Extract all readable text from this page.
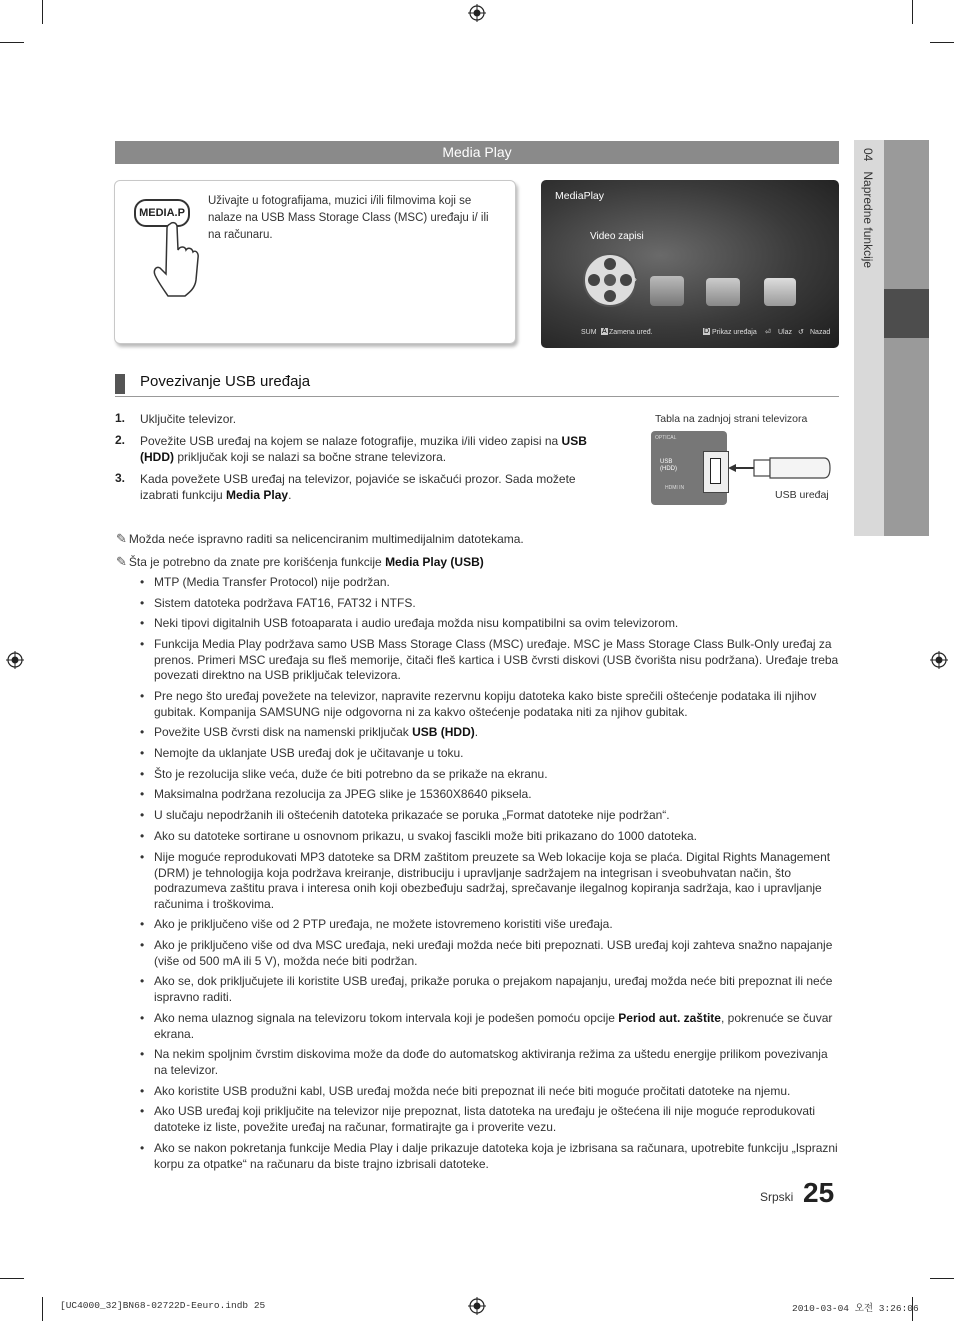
04   Napredne funkcije
Media Play
MEDIA.P
Uživajte u fotografijama, muzici i/ili filmovima koji se nalaze na USB Mass Storage Class (MSC) uređaju i/ ili na računaru.
MediaPlay
Video zapisi
›
SUM A Zamena uređ.	D Prikaz uređaja ⏎ Ulaz ↺ Nazad
Povezivanje USB uređaja
1. Uključite televizor.
2. Povežite USB uređaj na kojem se nalaze fotografije, muzika i/ili video zapisi na USB (HDD) priključak koji se nalazi sa bočne strane televizora.
3. Kada povežete USB uređaj na televizor, pojaviće se iskačući prozor. Sada možete izabrati funkciju Media Play.
Tabla na zadnjoj strani televizora
OPTICAL
USB (HDD)
HDMI IN
USB uređaj
✎ Možda neće ispravno raditi sa nelicenciranim multimedijalnim datotekama.
✎ Šta je potrebno da znate pre korišćenja funkcije Media Play (USB)
• MTP (Media Transfer Protocol) nije podržan.
• Sistem datoteka podržava FAT16, FAT32 i NTFS.
• Neki tipovi digitalnih USB fotoaparata i audio uređaja možda nisu kompatibilni sa ovim televizorom.
• Funkcija Media Play podržava samo USB Mass Storage Class (MSC) uređaje. MSC je Mass Storage Class Bulk-Only uređaj za prenos. Primeri MSC uređaja su fleš memorije, čitači fleš kartica i USB čvrsti diskovi (USB čvorišta nisu podržana). Uređaje treba povezati direktno na USB priključak televizora.
• Pre nego što uređaj povežete na televizor, napravite rezervnu kopiju datoteka kako biste sprečili oštećenje podataka ili njihov gubitak. Kompanija SAMSUNG nije odgovorna ni za kakvo oštećenje podataka niti za njihov gubitak.
• Povežite USB čvrsti disk na namenski priključak USB (HDD).
• Nemojte da uklanjate USB uređaj dok je učitavanje u toku.
• Što je rezolucija slike veća, duže će biti potrebno da se prikaže na ekranu.
• Maksimalna podržana rezolucija za JPEG slike je 15360X8640 piksela.
• U slučaju nepodržanih ili oštećenih datoteka prikazaće se poruka „Format datoteke nije podržan“.
• Ako su datoteke sortirane u osnovnom prikazu, u svakoj fascikli može biti prikazano do 1000 datoteka.
• Nije moguće reprodukovati MP3 datoteke sa DRM zaštitom preuzete sa Web lokacije koja se plaća. Digital Rights Management (DRM) je tehnologija koja podržava kreiranje, distribuciju i upravljanje sadržajem na integrisan i sveobuhvatan način, što podrazumeva zaštitu prava i interesa onih koji obezbeđuju sadržaj, sprečavanje ilegalnog kopiranja sadržaja, kao i upravljanje računima i troškovima.
• Ako je priključeno više od 2 PTP uređaja, ne možete istovremeno koristiti više uređaja.
• Ako je priključeno više od dva MSC uređaja, neki uređaji možda neće biti prepoznati. USB uređaj koji zahteva snažno napajanje (više od 500 mA ili 5 V), možda neće biti podržan.
• Ako se, dok priključujete ili koristite USB uređaj, prikaže poruka o prejakom napajanju, uređaj možda neće biti prepoznat ili neće ispravno raditi.
• Ako nema ulaznog signala na televizoru tokom intervala koji je podešen pomoću opcije Period aut. zaštite, pokrenuće se čuvar ekrana.
• Na nekim spoljnim čvrstim diskovima može da dođe do automatskog aktiviranja režima za uštedu energije prilikom povezivanja na televizor.
• Ako koristite USB produžni kabl, USB uređaj možda neće biti prepoznat ili neće biti moguće pročitati datoteke na njemu.
• Ako USB uređaj koji priključite na televizor nije prepoznat, lista datoteka na uređaju je oštećena ili nije moguće reprodukovati datoteke iz liste, povežite uređaj na računar, formatirajte ga i proverite vezu.
• Ako se nakon pokretanja funkcije Media Play i dalje prikazuje datoteka koja je izbrisana sa računara, upotrebite funkciju „Isprazni korpu za otpatke“ na računaru da biste trajno izbrisali datoteke.
Srpski 25
[UC4000_32]BN68-02722D-Eeuro.indb 25	2010-03-04 오전 3:26:06
